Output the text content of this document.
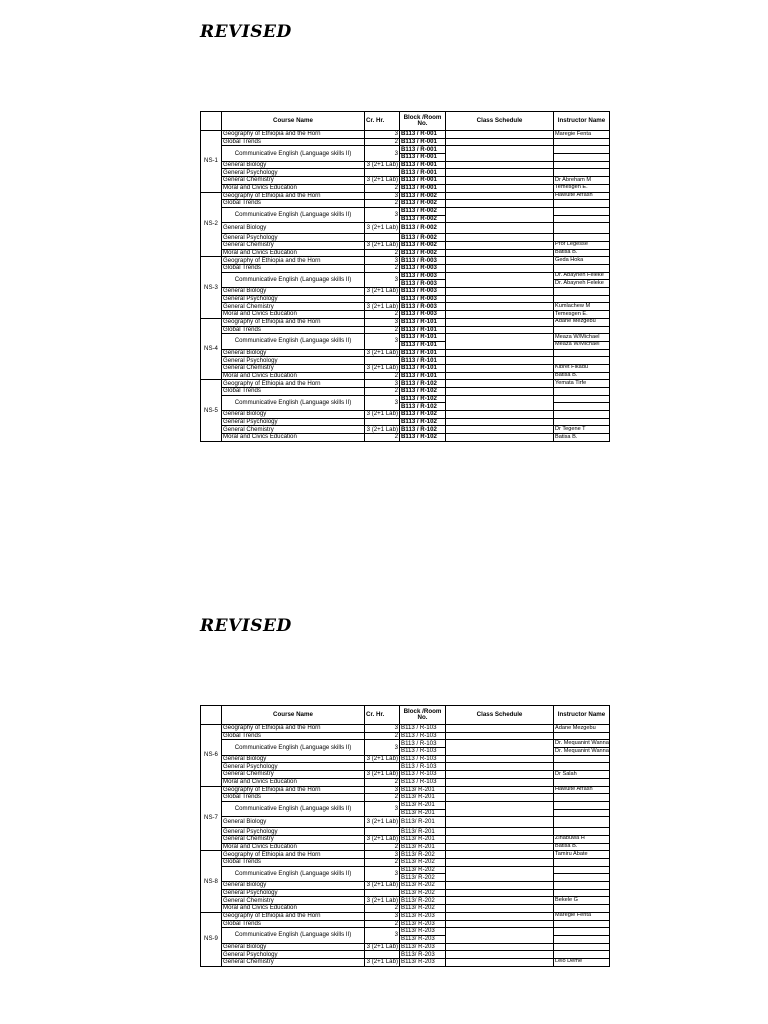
REVISED
	Course Name	Cr. Hr.	Block /Room No.	Class Schedule	Instructor Name
NS-1	Geography of Ethiopia and the Horn	3	B113 / R-001		Maregie Fenta
	Global Trends	2	B113 / R-001		
	Communicative English (Language skills II)	3	B113 / R-001		
			B113 / R-001		
	General Biology	3 (2+1 Lab)	B113 / R-001		
	General Psychology		B113 / R-001		
	General Chemistry	3 (2+1 Lab)	B113 / R-001		Dr Abreham M
	Moral and Civics Education	2	B113 / R-001		Temesgen E.
NS-2	Geography of Ethiopia and the Horn	3	B113 / R-002		Hawulte Afrash
	Global Trends	2	B113 / R-002		
	Communicative English (Language skills II)	3	B113 / R-002		
			B113 / R-002		
	General Biology	3 (2+1 Lab)	B113 / R-002		
	General Psychology		B113 / R-002		
	General Chemistry	3 (2+1 Lab)	B113 / R-002		Prof Legesse
	Moral and Civics Education	2	B113 / R-002		Batisa B.
NS-3	Geography of Ethiopia and the Horn	3	B113 / R-003		Geda Hoka
	Global Trends	2	B113 / R-003		
	Communicative English (Language skills II)	3	B113 / R-003		Dr. Abayneh Feleke
			B113 / R-003		Dr. Abayneh Feleke
	General Biology	3 (2+1 Lab)	B113 / R-003		
	General Psychology		B113 / R-003		
	General Chemistry	3 (2+1 Lab)	B113 / R-003		Kumlachew M
	Moral and Civics Education	2	B113 / R-003		Temesgen E.
NS-4	Geography of Ethiopia and the Horn	3	B113 / R-101		Adane Mezgebu
	Global Trends	2	B113 / R-101		
	Communicative English (Language skills II)	3	B113 / R-101		Meaza W/Michael
			B113 / R-101		Meaza W/Michael
	General Biology	3 (2+1 Lab)	B113 / R-101		
	General Psychology		B113 / R-101		
	General Chemistry	3 (2+1 Lab)	B113 / R-101		Kibret Fikadu
	Moral and Civics Education	2	B113 / R-101		Batisa B.
NS-5	Geography of Ethiopia and the Horn	3	B113 / R-102		Yemata Tirfe
	Global Trends	2	B113 / R-102		
	Communicative English (Language skills II)	3	B113 / R-102		
			B113 / R-102		
	General Biology	3 (2+1 Lab)	B113 / R-102		
	General Psychology		B113 / R-102		
	General Chemistry	3 (2+1 Lab)	B113 / R-102		Dr Tegene T
	Moral and Civics Education	2	B113 / R-102		Batisa B.
REVISED
	Course Name	Cr. Hr.	Block /Room No.	Class Schedule	Instructor Name
NS-6	Geography of Ethiopia and the Horn	3	B113 / R-103		Adane Mezgebu
	Global Trends	2	B113 / R-103		
	Communicative English (Language skills II)	3	B113 / R-103		Dr. Mequanint Wanna
			B113 / R-103		Dr. Mequanint Wanna
	General Biology	3 (2+1 Lab)	B113 / R-103		
	General Psychology		B113 / R-103		
	General Chemistry	3 (2+1 Lab)	B113 / R-103		Dr Salah
	Moral and Civics Education	2	B113 / R-103		
NS-7	Geography of Ethiopia and the Horn	3	B113/ R-201		Hawulte Afrash
	Global Trends	2	B113/ R-201		
	Communicative English (Language skills II)	3	B113/ R-201		
			B113/ R-201		
	General Biology	3 (2+1 Lab)	B113/ R-201		
	General Psychology		B113/ R-201		
	General Chemistry	3 (2+1 Lab)	B113/ R-201		Zinabuwa H
	Moral and Civics Education	2	B113/ R-201		Batisa B.
NS-8	Geography of Ethiopia and the Horn	3	B113/ R-202		Tamiru Abate
	Global Trends	2	B113/ R-202		
	Communicative English (Language skills II)	3	B113/ R-202		
			B113/ R-202		
	General Biology	3 (2+1 Lab)	B113/ R-202		
	General Psychology		B113/ R-202		
	General Chemistry	3 (2+1 Lab)	B113/ R-202		Bekele G
	Moral and Civics Education	2	B113/ R-202		
NS-9	Geography of Ethiopia and the Horn	3	B113/ R-203		Maregie Fenta
	Global Trends	2	B113/ R-203		
	Communicative English (Language skills II)	3	B113/ R-203		
			B113/ R-203		
	General Biology	3 (2+1 Lab)	B113/ R-203		
	General Psychology		B113/ R-203		
	General Chemistry	3 (2+1 Lab)	B113/ R-203		Lelo Deme
